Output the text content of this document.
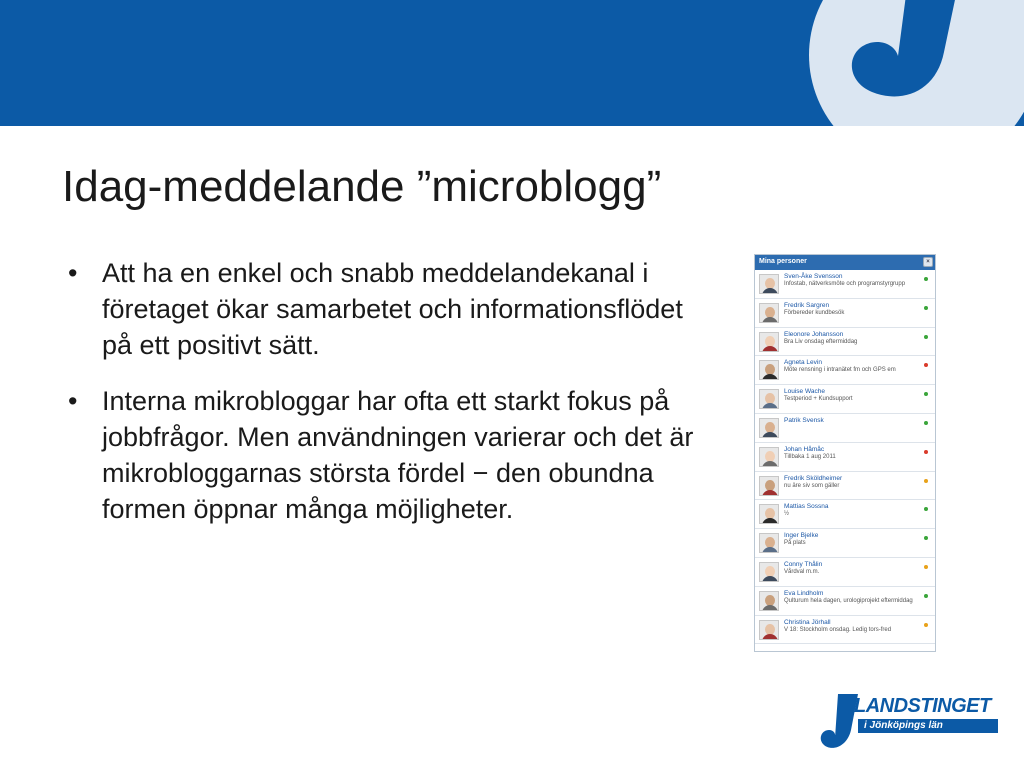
Idag-meddelande ”microblogg”
• Att ha en enkel och snabb meddelandekanal i företaget ökar samarbetet och informationsflödet på ett positivt sätt.
• Interna mikrobloggar har ofta ett starkt fokus på jobbfrågor. Men användningen varierar och det är mikrobloggarnas största fördel − den obundna formen öppnar många möjligheter.
Mina personer	×
Sven-Åke Svensson
Infostab, nätverksmöte och programstyrgrupp
Fredrik Sargren
Förbereder kundbesök
Eleonore Johansson
Bra Liv onsdag eftermiddag
Agneta Levin
Möte rensning i intranätet fm och GPS em
Louise Wache
Testperiod + Kundsupport
Patrik Svensk
Johan Håmåc
Tillbaka 1 aug 2011
Fredrik Sköldheimer
nu äre siv som gäller
Mattias Sossna
½
Inger Bjelke
På plats
Conny Thålin
Vårdval m.m.
Eva Lindholm
Qulturum hela dagen, urologiprojekt eftermiddag
Christina Jörhall
V 18: Stockholm onsdag. Ledig tors-fred
LANDSTINGET
i Jönköpings län
